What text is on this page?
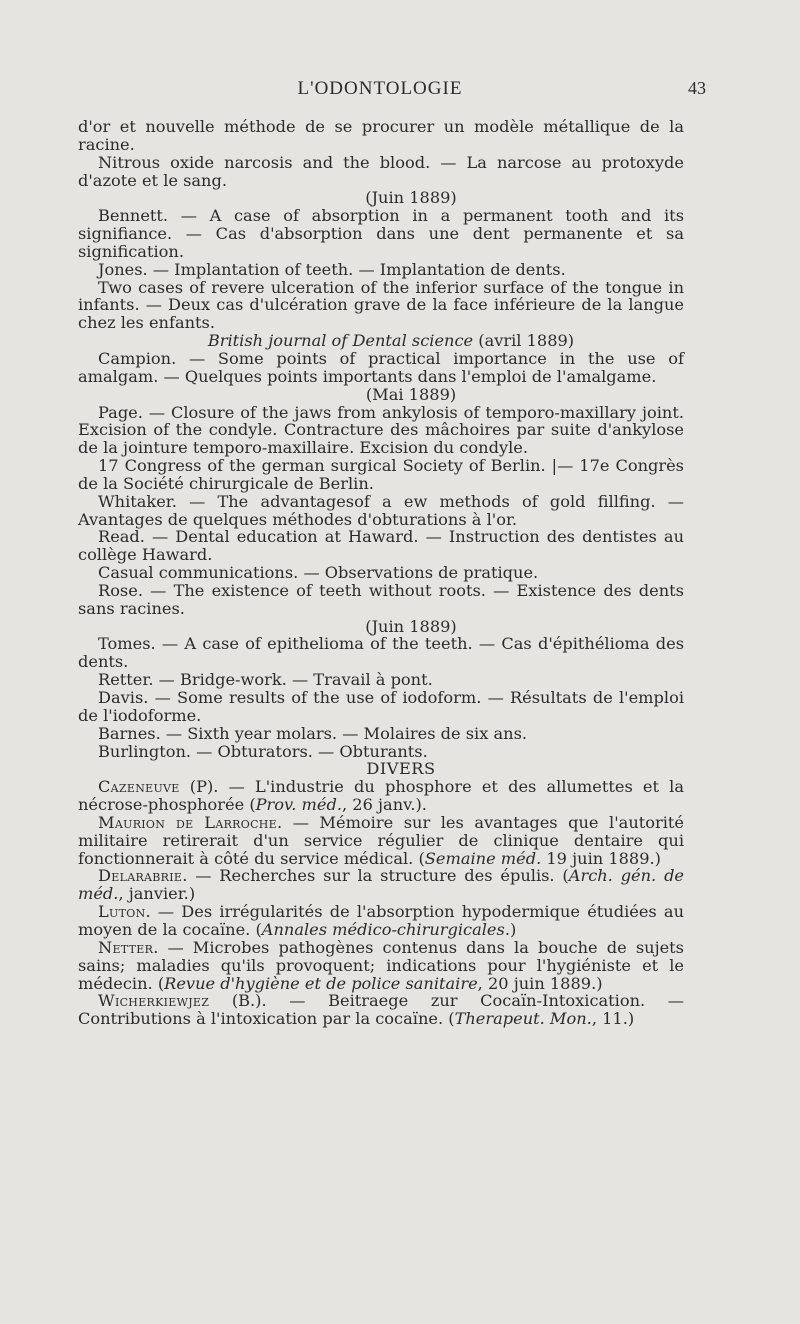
L'ODONTOLOGIE	43

d'or et nouvelle méthode de se procurer un modèle métallique de la racine.

Nitrous oxide narcosis and the blood. — La narcose au protoxyde d'azote et le sang.

(Juin 1889)

Bennett. — A case of absorption in a permanent tooth and its signifiance. — Cas d'absorption dans une dent permanente et sa signification.

Jones. — Implantation of teeth. — Implantation de dents.

Two cases of revere ulceration of the inferior surface of the tongue in infants. — Deux cas d'ulcération grave de la face inférieure de la langue chez les enfants.

British journal of Dental science (avril 1889)

Campion. — Some points of practical importance in the use of amalgam. — Quelques points importants dans l'emploi de l'amalgame.

(Mai 1889)

Page. — Closure of the jaws from ankylosis of temporo-maxillary joint. Excision of the condyle. Contracture des mâchoires par suite d'ankylose de la jointure temporo-maxillaire. Excision du condyle.

17 Congress of the german surgical Society of Berlin. |— 17e Congrès de la Société chirurgicale de Berlin.

Whitaker. — The advantagesof a ew methods of gold fillfing. — Avantages de quelques méthodes d'obturations à l'or.

Read. — Dental education at Haward. — Instruction des dentistes au collège Haward.

Casual communications. — Observations de pratique.

Rose. — The existence of teeth without roots. — Existence des dents sans racines.

(Juin 1889)

Tomes. — A case of epithelioma of the teeth. — Cas d'épithélioma des dents.

Retter. — Bridge-work. — Travail à pont.

Davis. — Some results of the use of iodoform. — Résultats de l'emploi de l'iodoforme.

Barnes. — Sixth year molars. — Molaires de six ans.

Burlington. — Obturators. — Obturants.

DIVERS

Cazeneuve (P). — L'industrie du phosphore et des allumettes et la nécrose-phosphorée (Prov. méd., 26 janv.).

Maurion de Larroche. — Mémoire sur les avantages que l'autorité militaire retirerait d'un service régulier de clinique dentaire qui fonctionnerait à côté du service médical. (Semaine méd. 19 juin 1889.)

Delarabrie. — Recherches sur la structure des épulis. (Arch. gén. de méd., janvier.)

Luton. — Des irrégularités de l'absorption hypodermique étudiées au moyen de la cocaïne. (Annales médico-chirurgicales.)

Netter. — Microbes pathogènes contenus dans la bouche de sujets sains; maladies qu'ils provoquent; indications pour l'hygiéniste et le médecin. (Revue d'hygiène et de police sanitaire, 20 juin 1889.)

Wicherkiewjez (B.). — Beitraege zur Cocaïn-Intoxication. — Contributions à l'intoxication par la cocaïne. (Therapeut. Mon., 11.)
